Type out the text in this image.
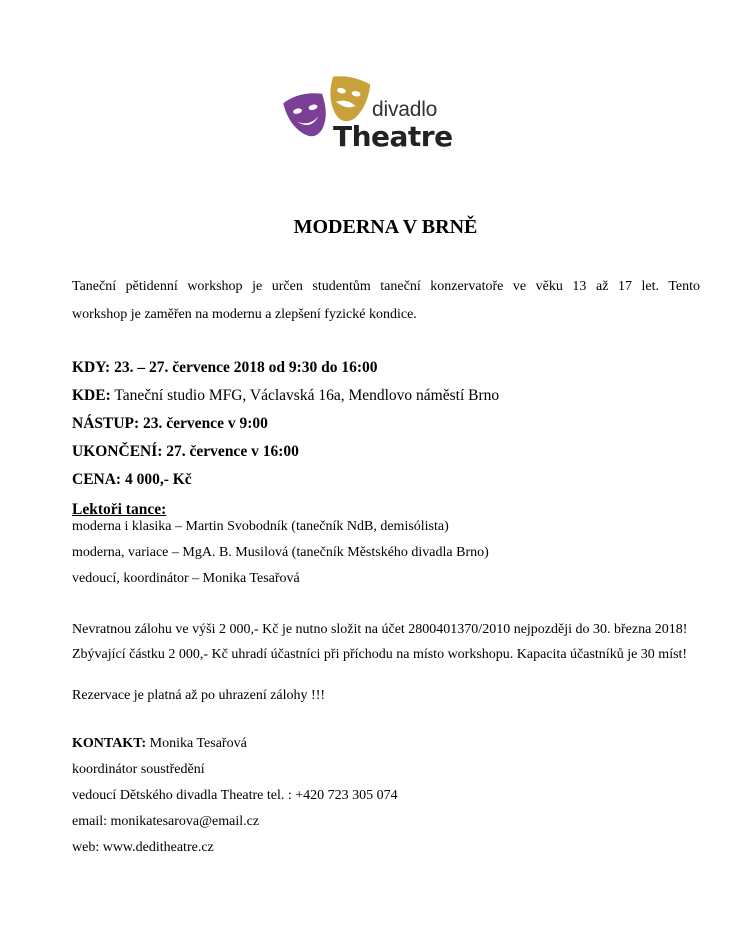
divadlo
Theatre
MODERNA V BRNĚ
Taneční pětidenní workshop je určen studentům taneční konzervatoře ve věku 13 až 17 let. Tento
workshop je zaměřen na modernu a zlepšení fyzické kondice.
KDY: 23. – 27. července 2018 od 9:30 do 16:00
KDE: Taneční studio MFG, Václavská 16a, Mendlovo náměstí Brno
NÁSTUP: 23. července v 9:00
UKONČENÍ: 27. července v 16:00
CENA: 4 000,- Kč
Lektoři tance:
moderna i klasika – Martin Svobodník (tanečník NdB, demisólista)
moderna, variace – MgA. B. Musilová (tanečník Městského divadla Brno)
vedoucí, koordinátor – Monika Tesařová
Nevratnou zálohu ve výši 2 000,- Kč je nutno složit na účet 2800401370/2010 nejpozději do 30. března 2018!
Zbývající částku 2 000,- Kč uhradí účastníci při příchodu na místo workshopu. Kapacita účastníků je 30 míst!
Rezervace je platná až po uhrazení zálohy !!!
KONTAKT: Monika Tesařová
koordinátor soustředění
vedoucí Dětského divadla Theatre tel. : +420 723 305 074
email: monikatesarova@email.cz
web: www.deditheatre.cz
